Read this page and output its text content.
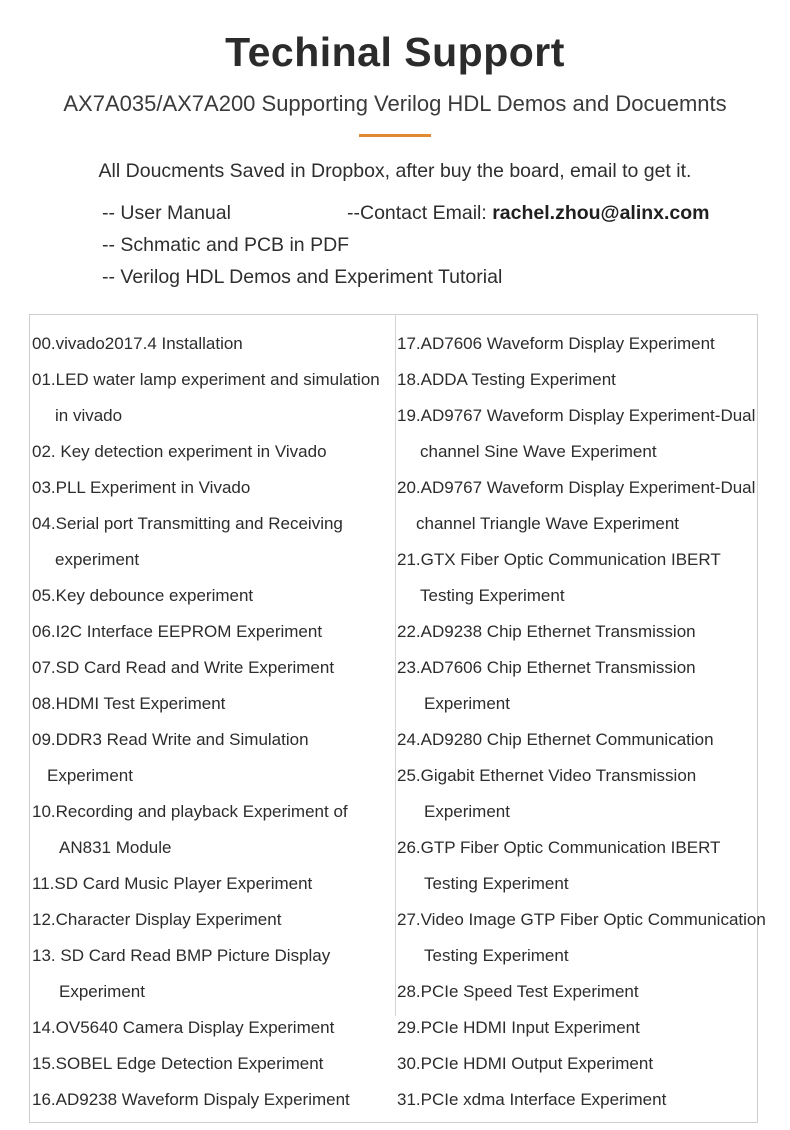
Techinal Support
AX7A035/AX7A200 Supporting Verilog HDL Demos and Docuemnts
All Doucments Saved in Dropbox, after buy the board, email to get it.
-- User Manual
-- Schmatic and PCB in PDF
-- Verilog HDL Demos and Experiment Tutorial
--Contact Email: rachel.zhou@alinx.com
00.vivado2017.4 Installation
01.LED water lamp experiment and simulation
in vivado
02. Key detection experiment in Vivado
03.PLL Experiment in Vivado
04.Serial port Transmitting and Receiving
experiment
05.Key debounce experiment
06.I2C Interface EEPROM Experiment
07.SD Card Read and Write Experiment
08.HDMI Test Experiment
09.DDR3 Read Write and Simulation
Experiment
10.Recording and playback Experiment of
AN831 Module
11.SD Card Music Player Experiment
12.Character Display Experiment
13. SD Card Read BMP Picture Display
Experiment
14.OV5640 Camera Display Experiment
15.SOBEL Edge Detection Experiment
16.AD9238 Waveform Dispaly Experiment
17.AD7606 Waveform Display Experiment
18.ADDA Testing Experiment
19.AD9767 Waveform Display Experiment-Dual
channel Sine Wave Experiment
20.AD9767 Waveform Display Experiment-Dual
channel Triangle Wave Experiment
21.GTX Fiber Optic Communication IBERT
Testing Experiment
22.AD9238 Chip Ethernet Transmission
23.AD7606 Chip Ethernet Transmission
Experiment
24.AD9280 Chip Ethernet Communication
25.Gigabit Ethernet Video Transmission
Experiment
26.GTP Fiber Optic Communication IBERT
Testing Experiment
27.Video Image GTP Fiber Optic Communication
Testing Experiment
28.PCIe Speed Test Experiment
29.PCIe HDMI Input Experiment
30.PCIe HDMI Output Experiment
31.PCIe xdma Interface Experiment
